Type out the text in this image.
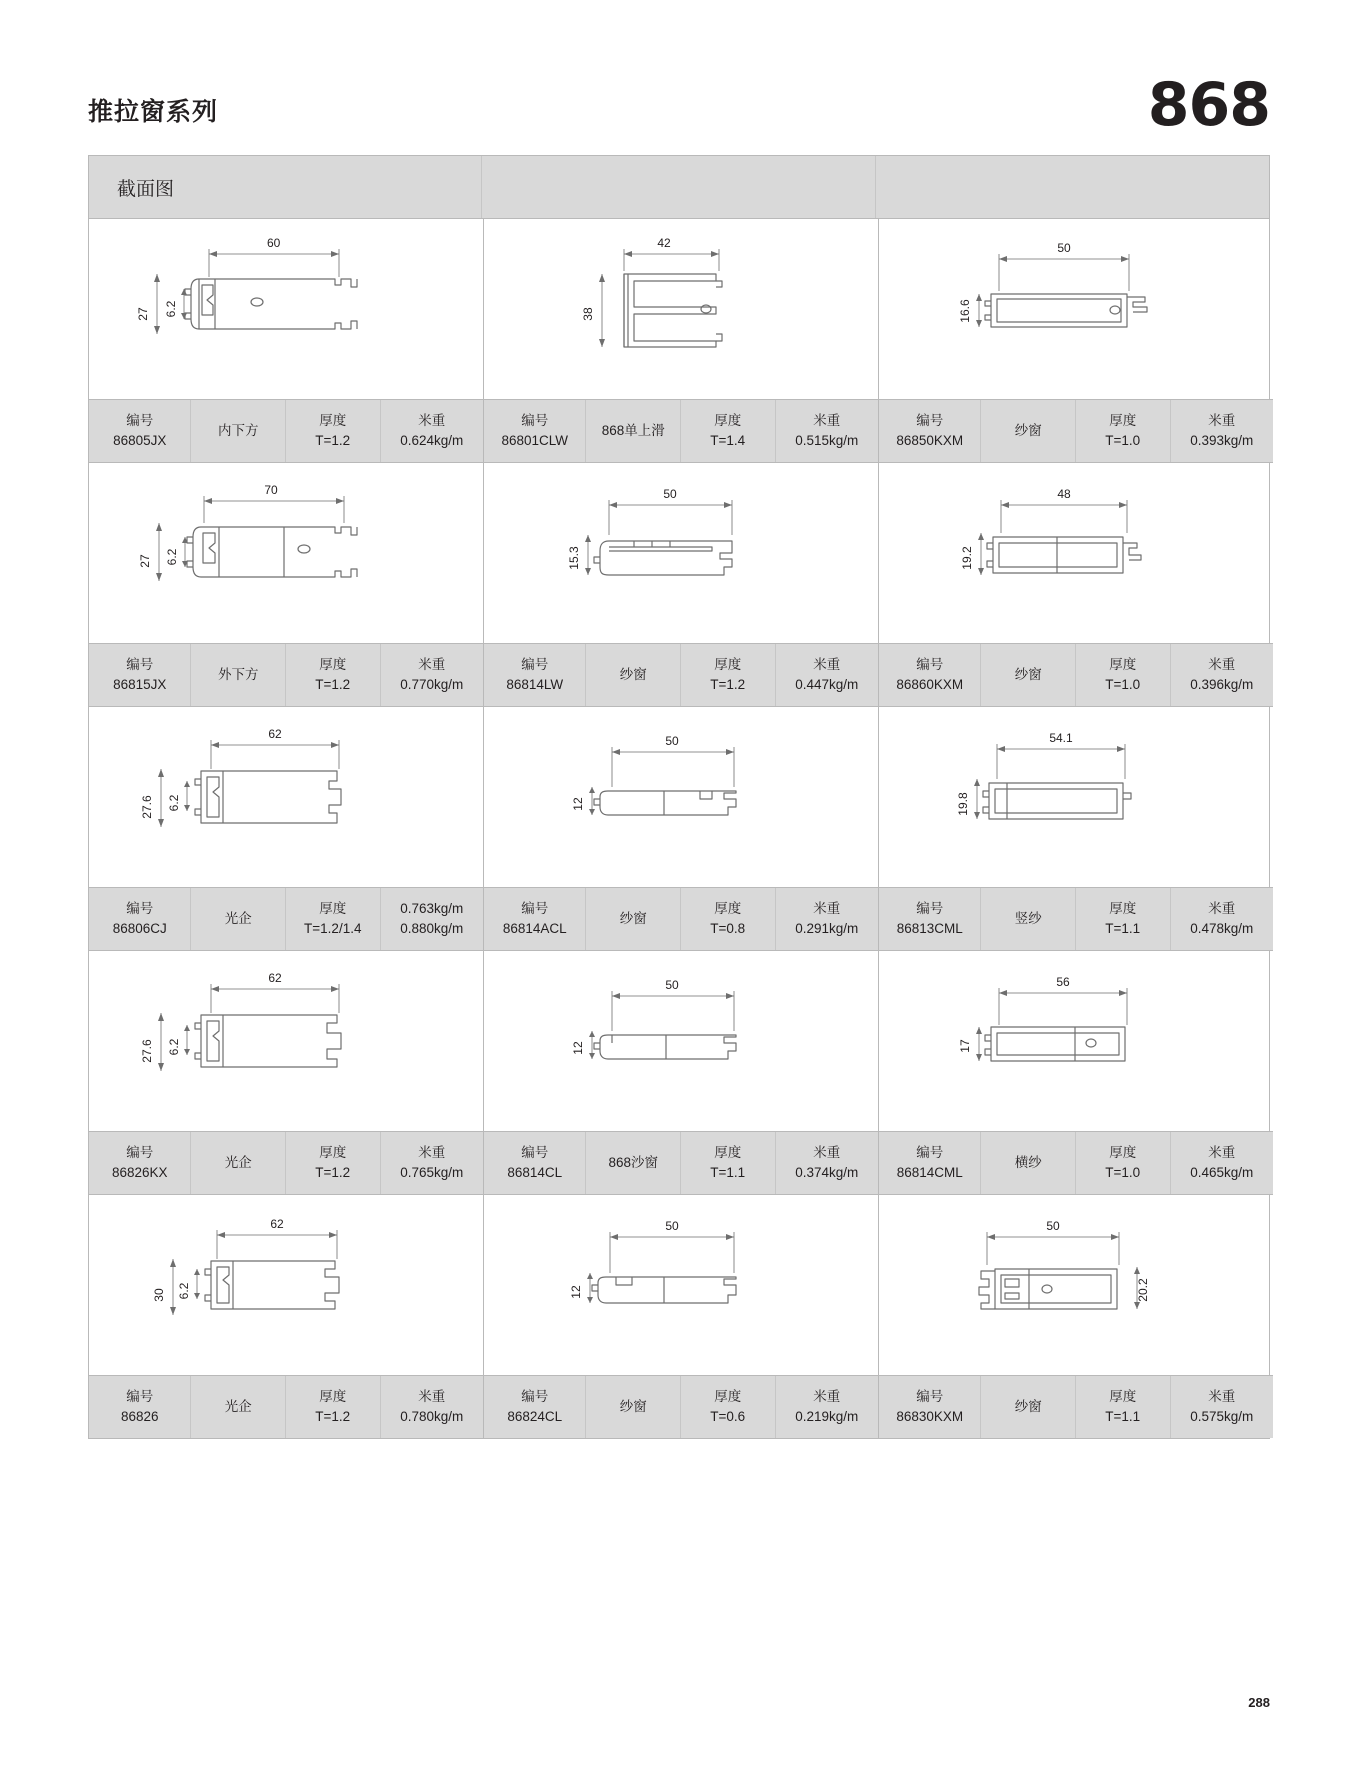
推拉窗系列	868
截面图
60
27 6.2
编号
86805JX
内下方
厚度
T=1.2
米重
0.624kg/m
42
38
编号
86801CLW
868单上滑
厚度
T=1.4
米重
0.515kg/m
50
16.6
编号
86850KXM
纱窗
厚度
T=1.0
米重
0.393kg/m
70
27 6.2
编号
86815JX
外下方
厚度
T=1.2
米重
0.770kg/m
50
15.3
编号
86814LW
纱窗
厚度
T=1.2
米重
0.447kg/m
48
19.2
编号
86860KXM
纱窗
厚度
T=1.0
米重
0.396kg/m
62
27.6 6.2
编号
86806CJ
光企
厚度
T=1.2/1.4
0.763kg/m
0.880kg/m
50
12
编号
86814ACL
纱窗
厚度
T=0.8
米重
0.291kg/m
54.1
19.8
编号
86813CML
竖纱
厚度
T=1.1
米重
0.478kg/m
62
27.6 6.2
编号
86826KX
光企
厚度
T=1.2
米重
0.765kg/m
50
12
编号
86814CL
868沙窗
厚度
T=1.1
米重
0.374kg/m
56
17
编号
86814CML
横纱
厚度
T=1.0
米重
0.465kg/m
62
30 6.2
编号
86826
光企
厚度
T=1.2
米重
0.780kg/m
50
12
编号
86824CL
纱窗
厚度
T=0.6
米重
0.219kg/m
50
20.2
编号
86830KXM
纱窗
厚度
T=1.1
米重
0.575kg/m
288
